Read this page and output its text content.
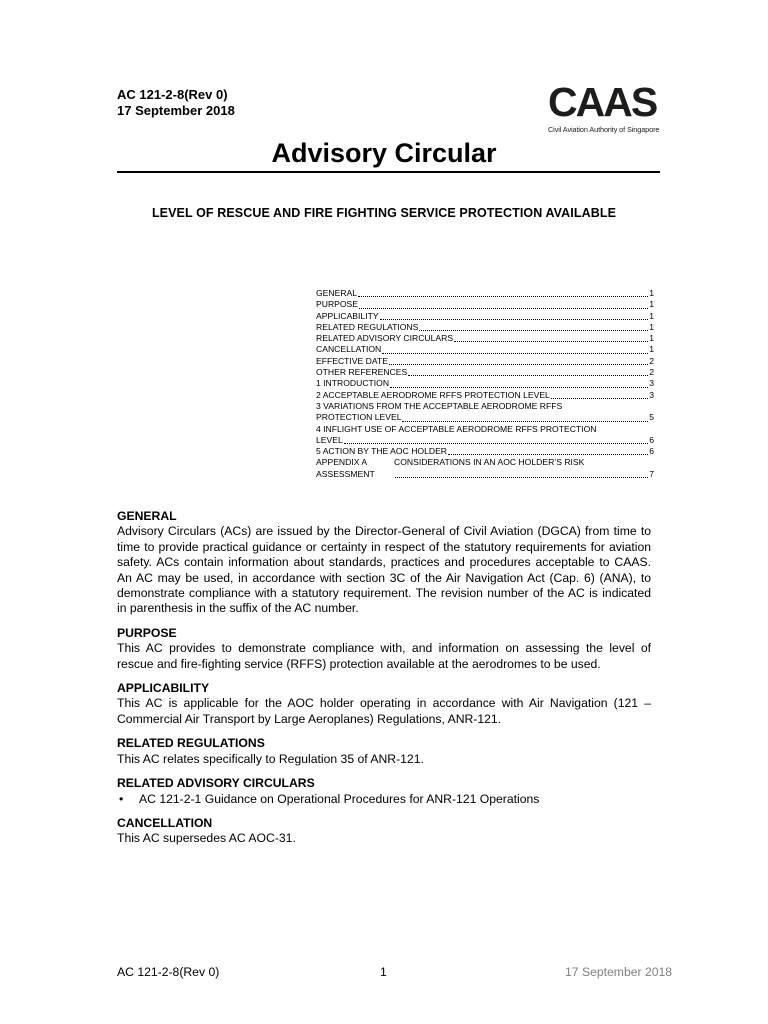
AC 121-2-8(Rev 0)
17 September 2018	CAAS
Civil Aviation Authority of Singapore
Advisory Circular
LEVEL OF RESCUE AND FIRE FIGHTING SERVICE PROTECTION AVAILABLE
GENERAL	1
PURPOSE	1
APPLICABILITY	1
RELATED REGULATIONS	1
RELATED ADVISORY CIRCULARS	1
CANCELLATION	1
EFFECTIVE DATE	2
OTHER REFERENCES	2
1 INTRODUCTION	3
2 ACCEPTABLE AERODROME RFFS PROTECTION LEVEL	3
3 VARIATIONS FROM THE ACCEPTABLE AERODROME RFFS
PROTECTION LEVEL	5
4 INFLIGHT USE OF ACCEPTABLE AERODROME RFFS PROTECTION
LEVEL	6
5 ACTION BY THE AOC HOLDER	6
APPENDIX A	CONSIDERATIONS IN AN AOC HOLDER’S RISK
ASSESSMENT	7
GENERAL

Advisory Circulars (ACs) are issued by the Director-General of Civil Aviation (DGCA) from time to time to provide practical guidance or certainty in respect of the statutory requirements for aviation safety. ACs contain information about standards, practices and procedures acceptable to CAAS. An AC may be used, in accordance with section 3C of the Air Navigation Act (Cap. 6) (ANA), to demonstrate compliance with a statutory requirement. The revision number of the AC is indicated in parenthesis in the suffix of the AC number.

PURPOSE

This AC provides to demonstrate compliance with, and information on assessing the level of rescue and fire-fighting service (RFFS) protection available at the aerodromes to be used.

APPLICABILITY

This AC is applicable for the AOC holder operating in accordance with Air Navigation (121 – Commercial Air Transport by Large Aeroplanes) Regulations, ANR-121.

RELATED REGULATIONS

This AC relates specifically to Regulation 35 of ANR-121.

RELATED ADVISORY CIRCULARS
• AC 121-2-1 Guidance on Operational Procedures for ANR-121 Operations
CANCELLATION

This AC supersedes AC AOC-31.

AC 121-2-8(Rev 0)	1	17 September 2018
